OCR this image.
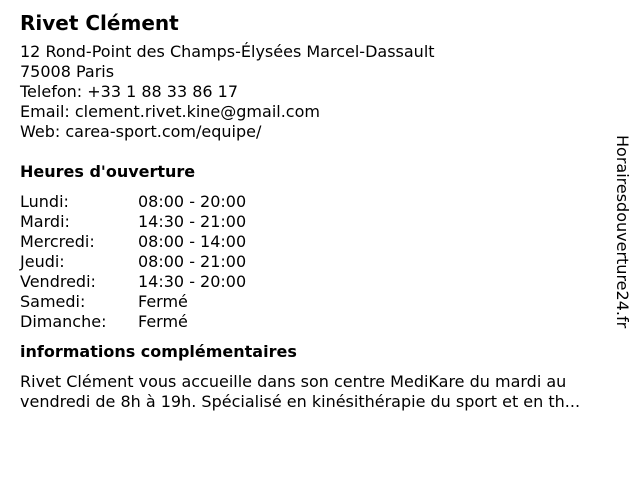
Rivet Clément
12 Rond-Point des Champs-Élysées Marcel-Dassault
75008 Paris
Telefon: +33 1 88 33 86 17
Email: clement.rivet.kine@gmail.com
Web: carea-sport.com/equipe/
Heures d'ouverture
Lundi:	08:00 - 20:00
Mardi:	14:30 - 21:00
Mercredi:	08:00 - 14:00
Jeudi:	08:00 - 21:00
Vendredi:	14:30 - 20:00
Samedi:	Fermé
Dimanche:	Fermé
informations complémentaires
Rivet Clément vous accueille dans son centre MediKare du mardi au
vendredi de 8h à 19h. Spécialisé en kinésithérapie du sport et en th...
Horairesdouverture24.fr
